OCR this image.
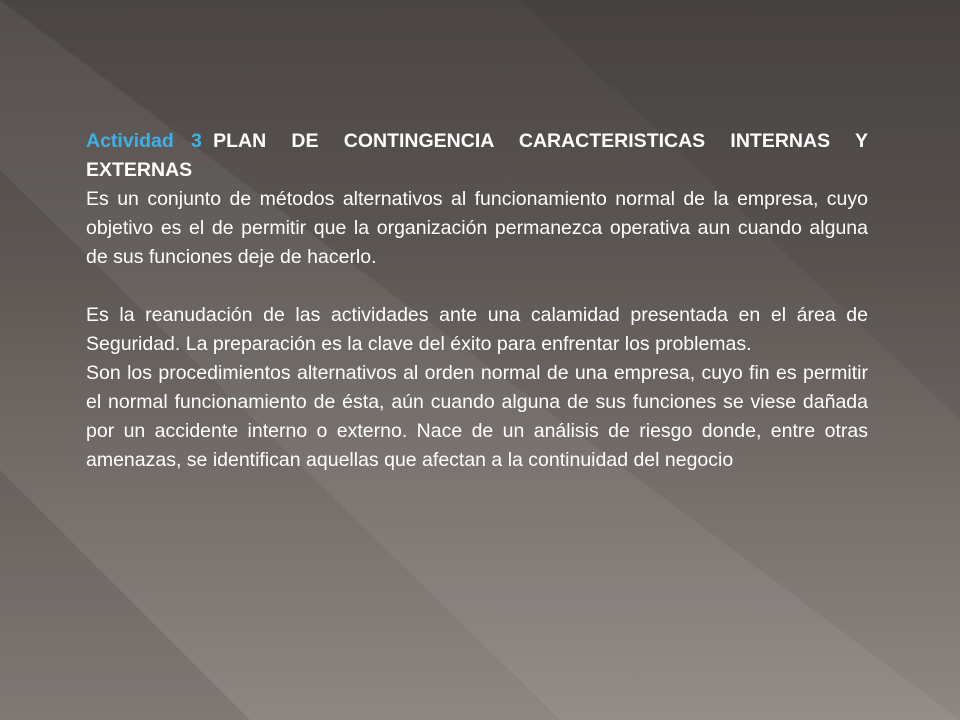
Actividad 3 PLAN DE CONTINGENCIA CARACTERISTICAS INTERNAS Y EXTERNAS

Es un conjunto de métodos alternativos al funcionamiento normal de la empresa, cuyo objetivo es el de permitir que la organización permanezca operativa aun cuando alguna de sus funciones deje de hacerlo.

Es la reanudación de las actividades ante una calamidad presentada en el área de Seguridad. La preparación es la clave del éxito para enfrentar los problemas.

Son los procedimientos alternativos al orden normal de una empresa, cuyo fin es permitir el normal funcionamiento de ésta, aún cuando alguna de sus funciones se viese dañada por un accidente interno o externo. Nace de un análisis de riesgo donde, entre otras amenazas, se identifican aquellas que afectan a la continuidad del negocio
